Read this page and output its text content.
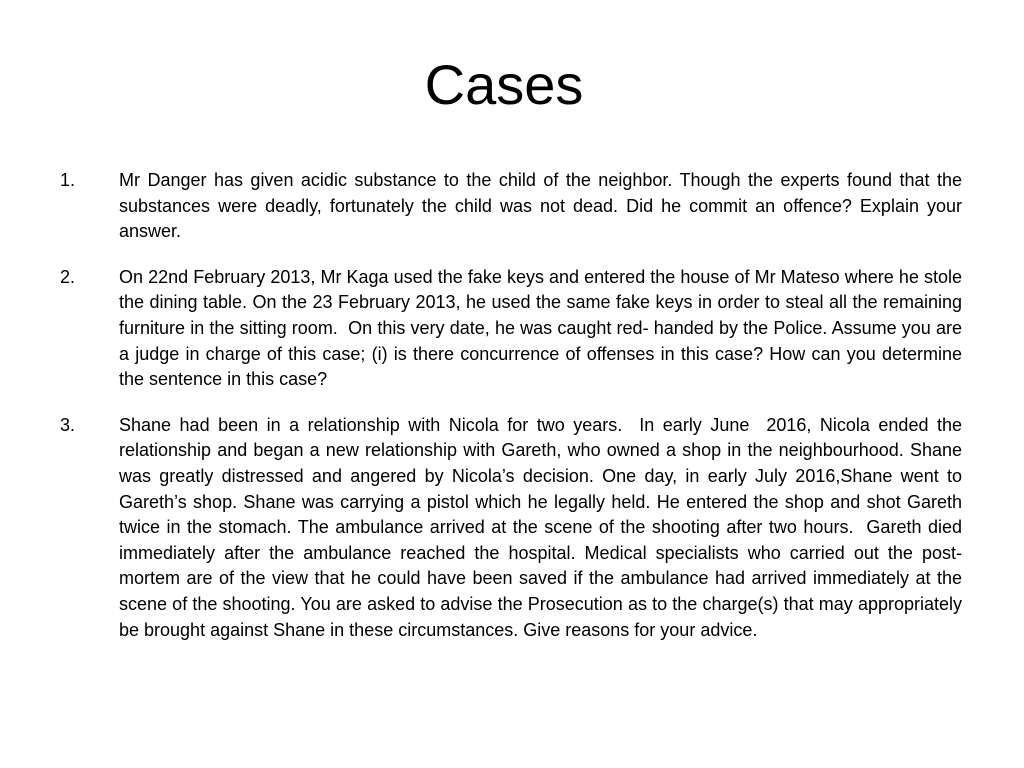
Cases
1. Mr Danger has given acidic substance to the child of the neighbor. Though the experts found that the substances were deadly, fortunately the child was not dead. Did he commit an offence? Explain your answer.
2. On 22nd February 2013, Mr Kaga used the fake keys and entered the house of Mr Mateso where he stole the dining table. On the 23 February 2013, he used the same fake keys in order to steal all the remaining furniture in the sitting room.  On this very date, he was caught red- handed by the Police. Assume you are a judge in charge of this case; (i) is there concurrence of offenses in this case? How can you determine the sentence in this case?
3. Shane had been in a relationship with Nicola for two years.  In early June  2016, Nicola ended the relationship and began a new relationship with Gareth, who owned a shop in the neighbourhood. Shane was greatly distressed and angered by Nicola’s decision. One day, in early July 2016,Shane went to Gareth’s shop. Shane was carrying a pistol which he legally held. He entered the shop and shot Gareth twice in the stomach. The ambulance arrived at the scene of the shooting after two hours.  Gareth died immediately after the ambulance reached the hospital. Medical specialists who carried out the post-mortem are of the view that he could have been saved if the ambulance had arrived immediately at the scene of the shooting. You are asked to advise the Prosecution as to the charge(s) that may appropriately be brought against Shane in these circumstances. Give reasons for your advice.
